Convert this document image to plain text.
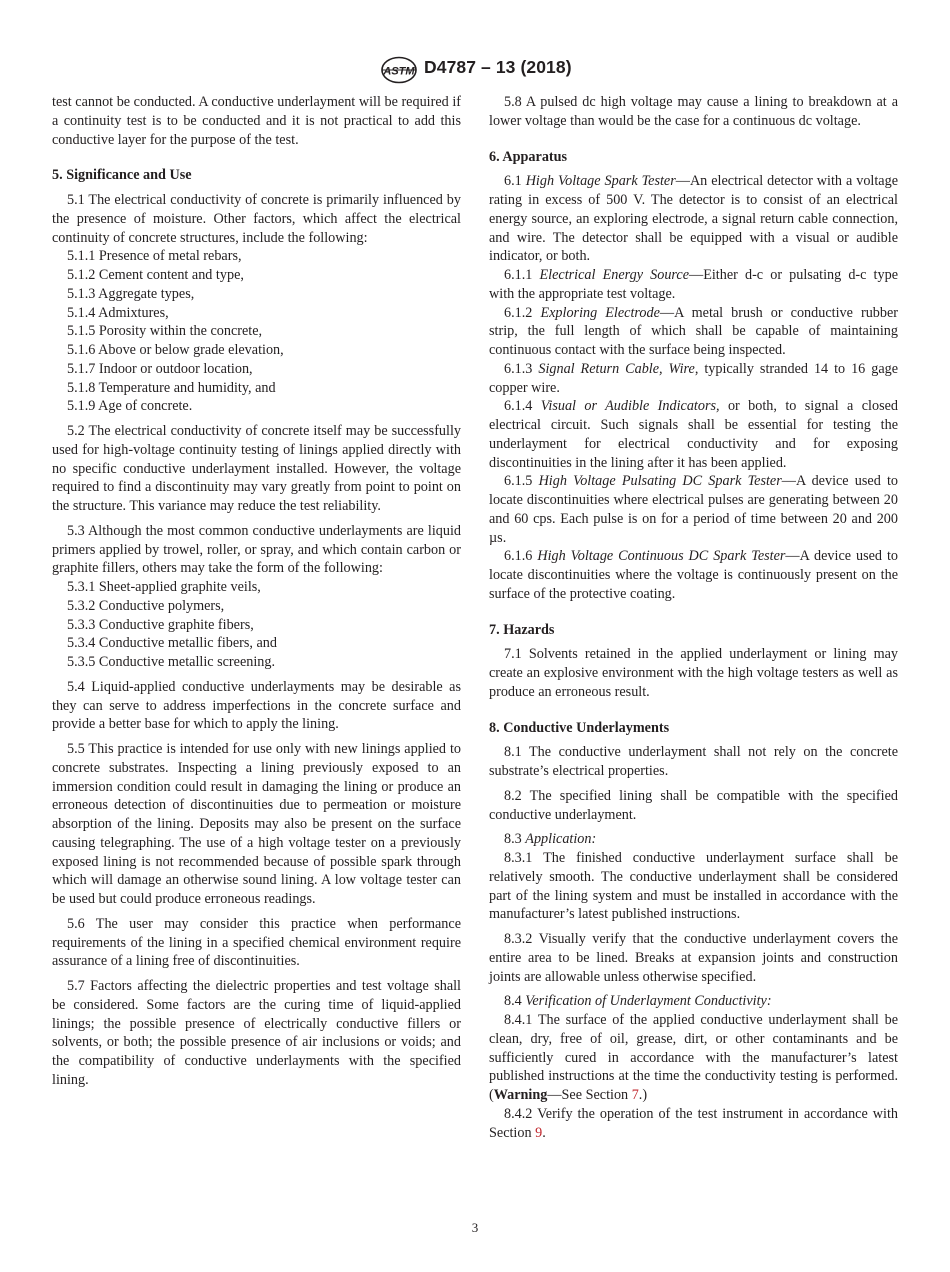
ASTM D4787 – 13 (2018)

test cannot be conducted. A conductive underlayment will be required if a continuity test is to be conducted and it is not practical to add this conductive layer for the purpose of the test.

5. Significance and Use

5.1 The electrical conductivity of concrete is primarily influenced by the presence of moisture. Other factors, which affect the electrical continuity of concrete structures, include the following:

5.1.1 Presence of metal rebars,
5.1.2 Cement content and type,
5.1.3 Aggregate types,
5.1.4 Admixtures,
5.1.5 Porosity within the concrete,
5.1.6 Above or below grade elevation,
5.1.7 Indoor or outdoor location,
5.1.8 Temperature and humidity, and
5.1.9 Age of concrete.

5.2 The electrical conductivity of concrete itself may be successfully used for high-voltage continuity testing of linings applied directly with no specific conductive underlayment installed. However, the voltage required to find a discontinuity may vary greatly from point to point on the structure. This variance may reduce the test reliability.

5.3 Although the most common conductive underlayments are liquid primers applied by trowel, roller, or spray, and which contain carbon or graphite fillers, others may take the form of the following:

5.3.1 Sheet-applied graphite veils,
5.3.2 Conductive polymers,
5.3.3 Conductive graphite fibers,
5.3.4 Conductive metallic fibers, and
5.3.5 Conductive metallic screening.

5.4 Liquid-applied conductive underlayments may be desirable as they can serve to address imperfections in the concrete surface and provide a better base for which to apply the lining.

5.5 This practice is intended for use only with new linings applied to concrete substrates. Inspecting a lining previously exposed to an immersion condition could result in damaging the lining or produce an erroneous detection of discontinuities due to permeation or moisture absorption of the lining. Deposits may also be present on the surface causing telegraphing. The use of a high voltage tester on a previously exposed lining is not recommended because of possible spark through which will damage an otherwise sound lining. A low voltage tester can be used but could produce erroneous readings.

5.6 The user may consider this practice when performance requirements of the lining in a specified chemical environment require assurance of a lining free of discontinuities.

5.7 Factors affecting the dielectric properties and test voltage shall be considered. Some factors are the curing time of liquid-applied linings; the possible presence of electrically conductive fillers or solvents, or both; the possible presence of air inclusions or voids; and the compatibility of conductive underlayments with the specified lining.

5.8 A pulsed dc high voltage may cause a lining to breakdown at a lower voltage than would be the case for a continuous dc voltage.

6. Apparatus

6.1 High Voltage Spark Tester—An electrical detector with a voltage rating in excess of 500 V. The detector is to consist of an electrical energy source, an exploring electrode, a signal return cable connection, and wire. The detector shall be equipped with a visual or audible indicator, or both.

6.1.1 Electrical Energy Source—Either d-c or pulsating d-c type with the appropriate test voltage.

6.1.2 Exploring Electrode—A metal brush or conductive rubber strip, the full length of which shall be capable of maintaining continuous contact with the surface being inspected.

6.1.3 Signal Return Cable, Wire, typically stranded 14 to 16 gage copper wire.

6.1.4 Visual or Audible Indicators, or both, to signal a closed electrical circuit. Such signals shall be essential for testing the underlayment for electrical conductivity and for exposing discontinuities in the lining after it has been applied.

6.1.5 High Voltage Pulsating DC Spark Tester—A device used to locate discontinuities where electrical pulses are generating between 20 and 60 cps. Each pulse is on for a period of time between 20 and 200 µs.

6.1.6 High Voltage Continuous DC Spark Tester—A device used to locate discontinuities where the voltage is continuously present on the surface of the protective coating.

7. Hazards

7.1 Solvents retained in the applied underlayment or lining may create an explosive environment with the high voltage testers as well as produce an erroneous result.

8. Conductive Underlayments

8.1 The conductive underlayment shall not rely on the concrete substrate’s electrical properties.

8.2 The specified lining shall be compatible with the specified conductive underlayment.

8.3 Application:

8.3.1 The finished conductive underlayment surface shall be relatively smooth. The conductive underlayment shall be considered part of the lining system and must be installed in accordance with the manufacturer’s latest published instructions.

8.3.2 Visually verify that the conductive underlayment covers the entire area to be lined. Breaks at expansion joints and construction joints are allowable unless otherwise specified.

8.4 Verification of Underlayment Conductivity:

8.4.1 The surface of the applied conductive underlayment shall be clean, dry, free of oil, grease, dirt, or other contaminants and be sufficiently cured in accordance with the manufacturer’s latest published instructions at the time the conductivity testing is performed. (Warning—See Section 7.)

8.4.2 Verify the operation of the test instrument in accordance with Section 9.

3
